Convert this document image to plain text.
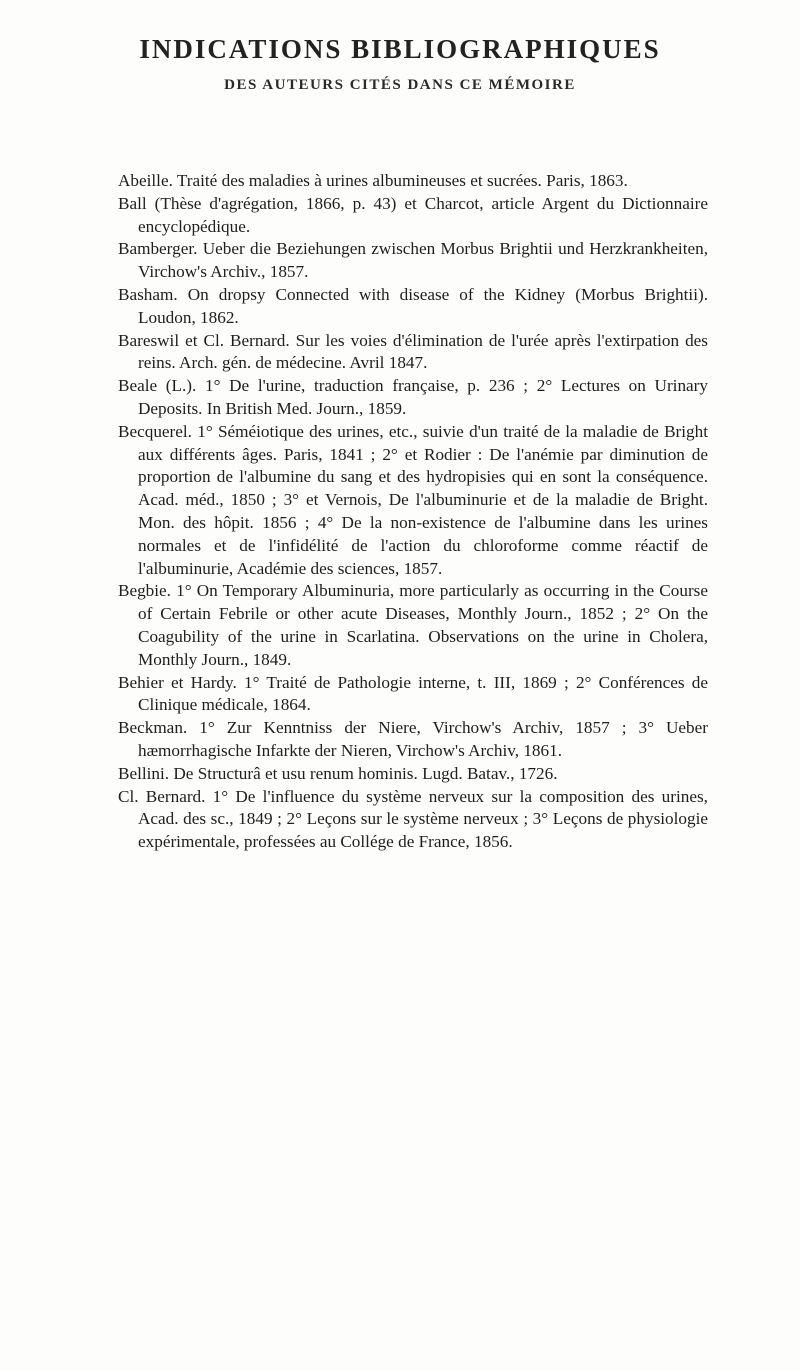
INDICATIONS BIBLIOGRAPHIQUES
DES AUTEURS CITÉS DANS CE MÉMOIRE
Abeille. Traité des maladies à urines albumineuses et sucrées. Paris, 1863.
Ball (Thèse d'agrégation, 1866, p. 43) et Charcot, article Argent du Dictionnaire encyclopédique.
Bamberger. Ueber die Beziehungen zwischen Morbus Brightii und Herzkrankheiten, Virchow's Archiv., 1857.
Basham. On dropsy Connected with disease of the Kidney (Morbus Brightii). Loudon, 1862.
Bareswil et Cl. Bernard. Sur les voies d'élimination de l'urée après l'extirpation des reins. Arch. gén. de médecine. Avril 1847.
Beale (L.). 1° De l'urine, traduction française, p. 236 ; 2° Lectures on Urinary Deposits. In British Med. Journ., 1859.
Becquerel. 1° Séméiotique des urines, etc., suivie d'un traité de la maladie de Bright aux différents âges. Paris, 1841 ; 2° et Rodier : De l'anémie par diminution de proportion de l'albumine du sang et des hydropisies qui en sont la conséquence. Acad. méd., 1850 ; 3° et Vernois, De l'albuminurie et de la maladie de Bright. Mon. des hôpit. 1856 ; 4° De la non-existence de l'albumine dans les urines normales et de l'infidélité de l'action du chloroforme comme réactif de l'albuminurie, Académie des sciences, 1857.
Begbie. 1° On Temporary Albuminuria, more particularly as occurring in the Course of Certain Febrile or other acute Diseases, Monthly Journ., 1852 ; 2° On the Coagubility of the urine in Scarlatina. Observations on the urine in Cholera, Monthly Journ., 1849.
Behier et Hardy. 1° Traité de Pathologie interne, t. III, 1869 ; 2° Conférences de Clinique médicale, 1864.
Beckman. 1° Zur Kenntniss der Niere, Virchow's Archiv, 1857 ; 3° Ueber hæmorrhagische Infarkte der Nieren, Virchow's Archiv, 1861.
Bellini. De Structurâ et usu renum hominis. Lugd. Batav., 1726.
Cl. Bernard. 1° De l'influence du système nerveux sur la composition des urines, Acad. des sc., 1849 ; 2° Leçons sur le système nerveux ; 3° Leçons de physiologie expérimentale, professées au Collége de France, 1856.
